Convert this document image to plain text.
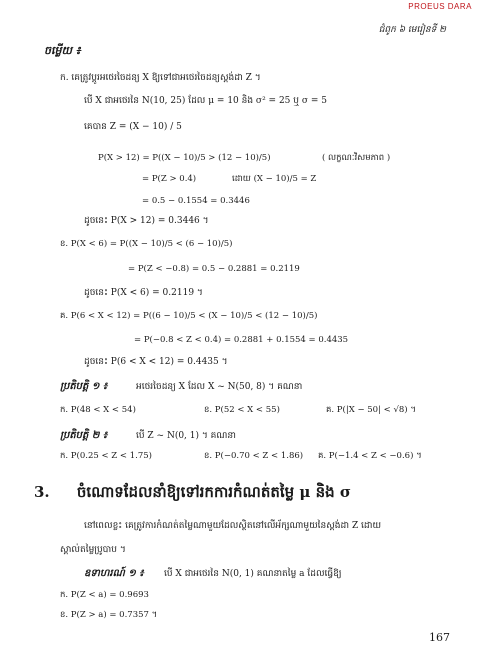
PROEUS DARA
ជំពូក ៦ មេរៀនទី ២
ចម្លើយ ៖
ក. គេត្រូវប្តូរអថេរចៃដន្យ X ឱ្យទៅជាអថេរចៃដន្យស្តង់ដា Z ។
បើ X ជាអថេរនៃ N(10, 25) ដែល μ = 10 និង σ² = 25 ឬ σ = 5
គេបាន Z = (X − 10) / 5
P(X > 12) = P((X − 10)/5 > (12 − 10)/5)	( លក្ខណៈវិសមភាព )
= P(Z > 0.4)	ដោយ (X − 10)/5 = Z
= 0.5 − 0.1554 = 0.3446
ដូចនេះ P(X > 12) = 0.3446 ។
ខ. P(X < 6) = P((X − 10)/5 < (6 − 10)/5)
= P(Z < −0.8) = 0.5 − 0.2881 = 0.2119
ដូចនេះ P(X < 6) = 0.2119 ។
គ. P(6 < X < 12) = P((6 − 10)/5 < (X − 10)/5 < (12 − 10)/5)
= P(−0.8 < Z < 0.4) = 0.2881 + 0.1554 = 0.4435
ដូចនេះ P(6 < X < 12) = 0.4435 ។
ប្រតិបត្តិ ១ ៖	អថេរចៃដន្យ X ដែល X ~ N(50, 8) ។ គណនា
ក. P(48 < X < 54)	ខ. P(52 < X < 55)	គ. P(|X − 50| < √8) ។
ប្រតិបត្តិ ២ ៖	បើ Z ~ N(0, 1) ។ គណនា
ក. P(0.25 < Z < 1.75)	ខ. P(−0.70 < Z < 1.86) គ. P(−1.4 < Z < −0.6) ។
3. ចំណោទដែលនាំឱ្យទៅរកការកំណត់តម្លៃ μ និង σ
នៅពេលខ្លះ គេត្រូវការកំណត់តម្លៃណាមួយដែលស្ថិតនៅលើអ័ក្សណាមួយនៃស្តង់ដា Z ដោយ
ស្គាល់តម្លៃប្រូបាប ។
ឧទាហរណ៍ ១ ៖ បើ X ជាអថេរនៃ N(0, 1) គណនាតម្លៃ a ដែលធ្វើឱ្យ
ក. P(Z < a) = 0.9693
ខ. P(Z > a) = 0.7357 ។
167
